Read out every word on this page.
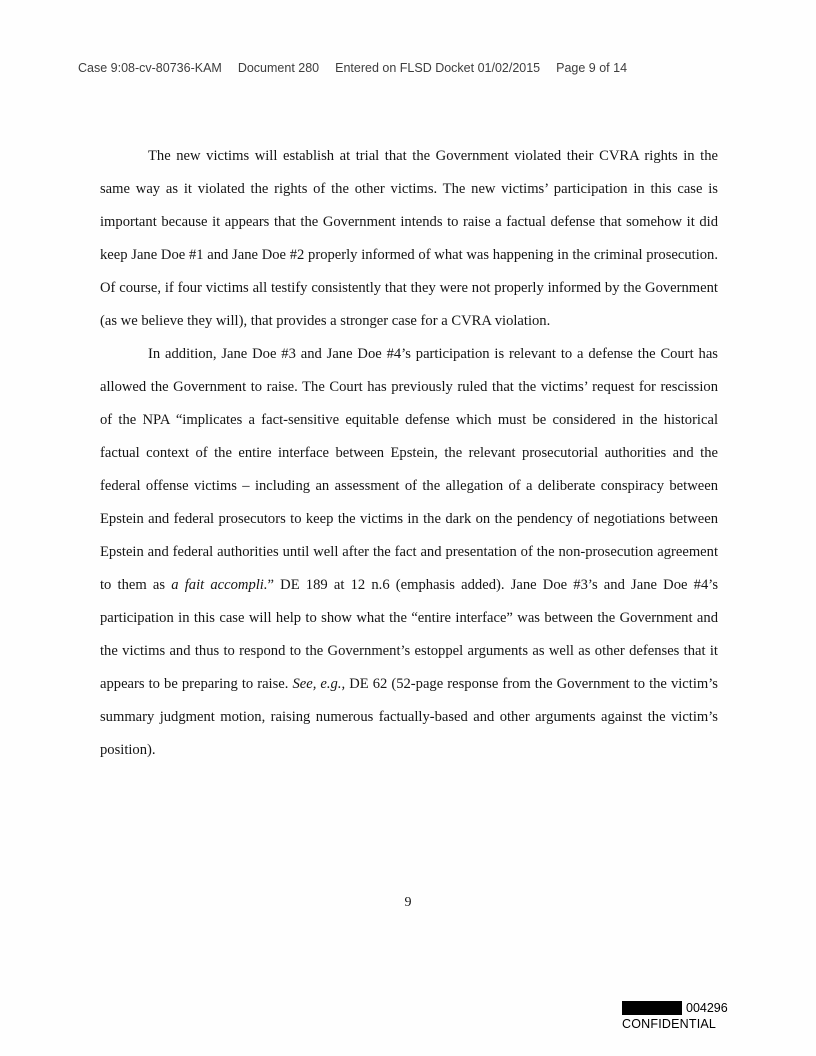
Case 9:08-cv-80736-KAM Document 280 Entered on FLSD Docket 01/02/2015 Page 9 of 14

The new victims will establish at trial that the Government violated their CVRA rights in the same way as it violated the rights of the other victims. The new victims’ participation in this case is important because it appears that the Government intends to raise a factual defense that somehow it did keep Jane Doe #1 and Jane Doe #2 properly informed of what was happening in the criminal prosecution. Of course, if four victims all testify consistently that they were not properly informed by the Government (as we believe they will), that provides a stronger case for a CVRA violation.

In addition, Jane Doe #3 and Jane Doe #4’s participation is relevant to a defense the Court has allowed the Government to raise. The Court has previously ruled that the victims’ request for rescission of the NPA “implicates a fact-sensitive equitable defense which must be considered in the historical factual context of the entire interface between Epstein, the relevant prosecutorial authorities and the federal offense victims – including an assessment of the allegation of a deliberate conspiracy between Epstein and federal prosecutors to keep the victims in the dark on the pendency of negotiations between Epstein and federal authorities until well after the fact and presentation of the non-prosecution agreement to them as a fait accompli.” DE 189 at 12 n.6 (emphasis added). Jane Doe #3’s and Jane Doe #4’s participation in this case will help to show what the “entire interface” was between the Government and the victims and thus to respond to the Government’s estoppel arguments as well as other defenses that it appears to be preparing to raise. See, e.g., DE 62 (52-page response from the Government to the victim’s summary judgment motion, raising numerous factually-based and other arguments against the victim’s position).

9
004296
CONFIDENTIAL
